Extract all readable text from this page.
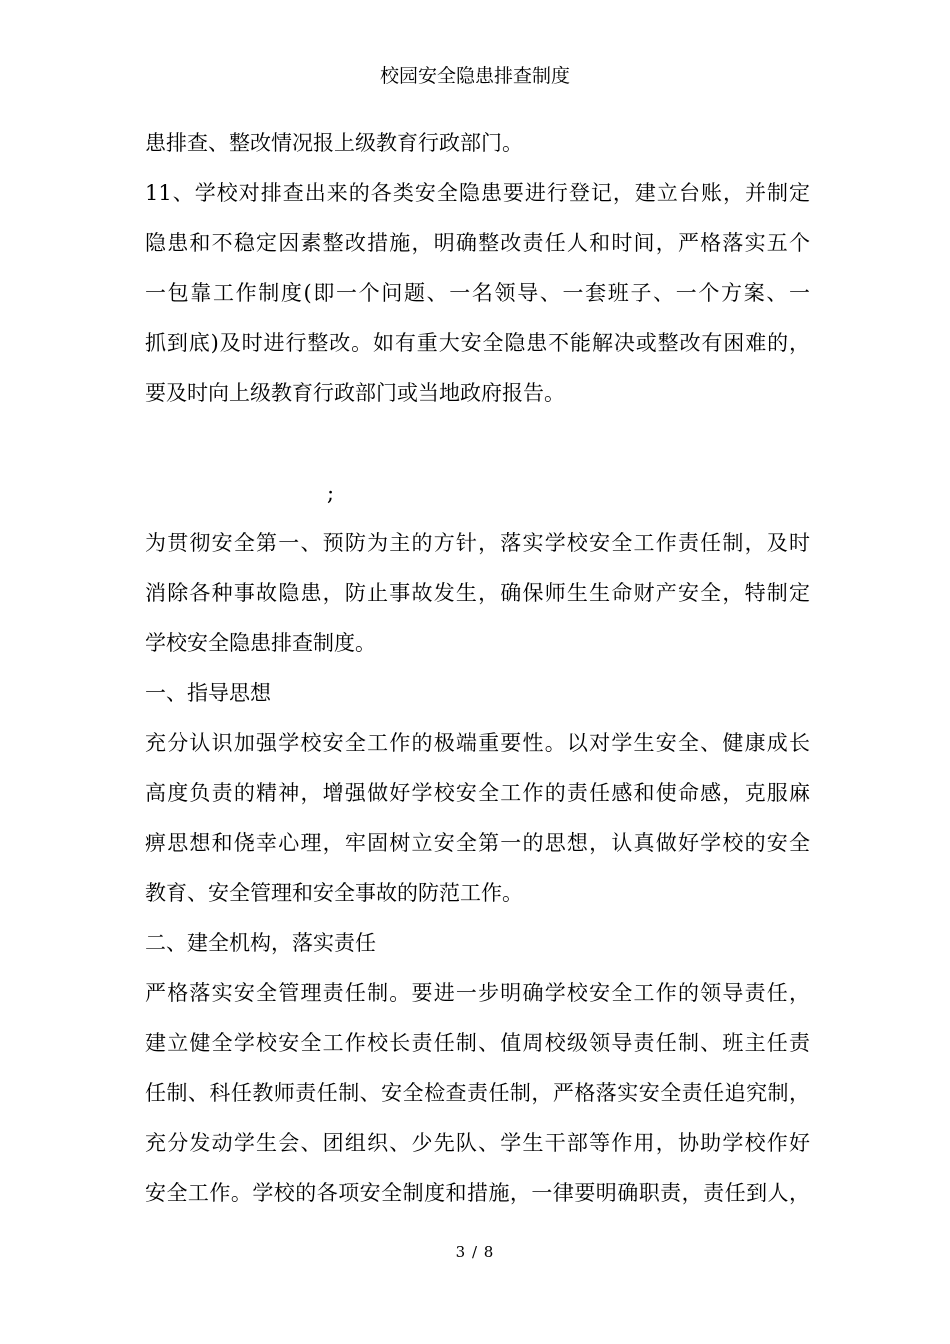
校园安全隐患排查制度
患排查、整改情况报上级教育行政部门。
11、学校对排查出来的各类安全隐患要进行登记，建立台账，并制定
隐患和不稳定因素整改措施，明确整改责任人和时间，严格落实五个
一包靠工作制度(即一个问题、一名领导、一套班子、一个方案、一
抓到底)及时进行整改。如有重大安全隐患不能解决或整改有困难的，
要及时向上级教育行政部门或当地政府报告。
;
为贯彻安全第一、预防为主的方针，落实学校安全工作责任制，及时
消除各种事故隐患，防止事故发生，确保师生生命财产安全，特制定
学校安全隐患排查制度。
一、指导思想
充分认识加强学校安全工作的极端重要性。以对学生安全、健康成长
高度负责的精神，增强做好学校安全工作的责任感和使命感，克服麻
痹思想和侥幸心理，牢固树立安全第一的思想，认真做好学校的安全
教育、安全管理和安全事故的防范工作。
二、建全机构，落实责任
严格落实安全管理责任制。要进一步明确学校安全工作的领导责任，
建立健全学校安全工作校长责任制、值周校级领导责任制、班主任责
任制、科任教师责任制、安全检查责任制，严格落实安全责任追究制，
充分发动学生会、团组织、少先队、学生干部等作用，协助学校作好
安全工作。学校的各项安全制度和措施，一律要明确职责，责任到人，
3 / 8
